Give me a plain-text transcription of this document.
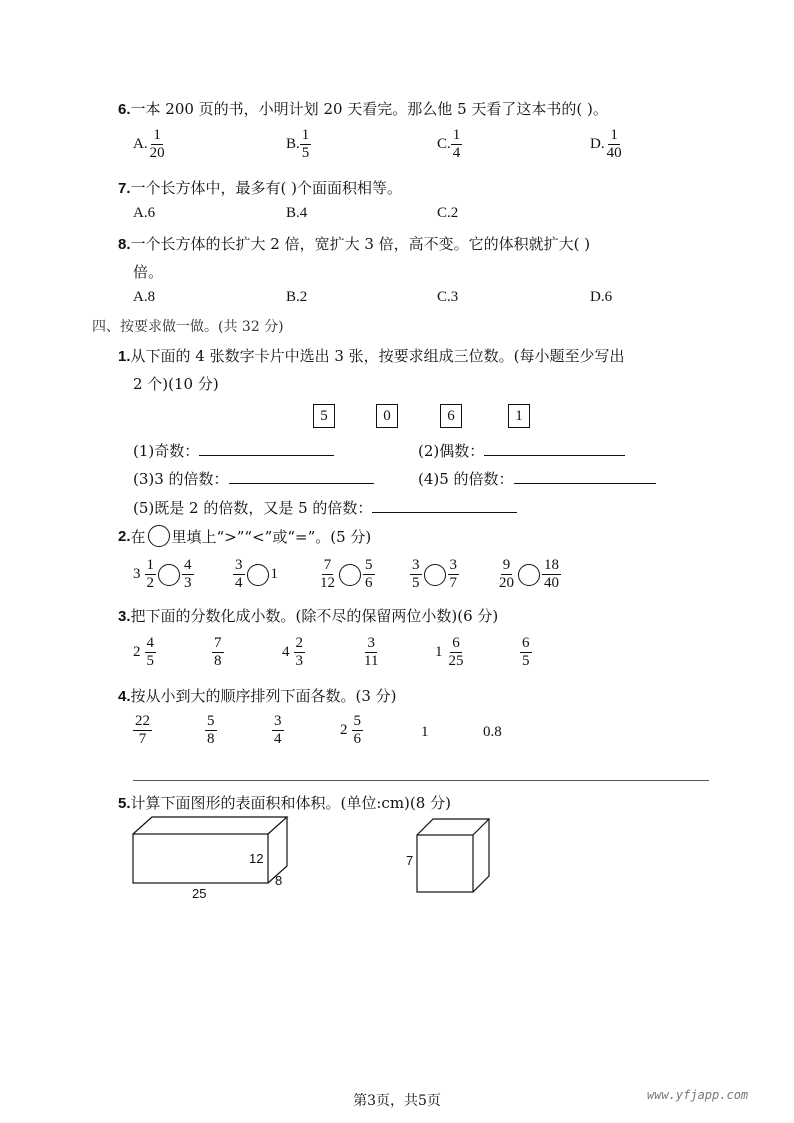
6.一本 200 页的书，小明计划 20 天看完。那么他 5 天看了这本书的( )。
A. $\frac{1}{20}$	B. $\frac{1}{5}$	C. $\frac{1}{4}$	D. $\frac{1}{40}$
7.一个长方体中，最多有( )个面面积相等。
A.6	B.4	C.2
8.一个长方体的长扩大 2 倍，宽扩大 3 倍，高不变。它的体积就扩大( )
倍。
A.8	B.2	C.3	D.6
四、按要求做一做。(共 32 分)
1.从下面的 4 张数字卡片中选出 3 张，按要求组成三位数。(每小题至少写出
2 个)(10 分)
5	0	6	1
(1)奇数：	(2)偶数：
(3)3 的倍数：	(4)5 的倍数：
(5)既是 2 的倍数，又是 5 的倍数：
2. 在 里填上“>”“<”或“=”。(5 分)
$3 \frac{1}{2} \frac{4}{3}$	$\frac{3}{4} 1$	$\frac{7}{12} \frac{5}{6} \frac{3}{5} \frac{3}{7}$	$\frac{9}{20} \frac{18}{40}$
3.把下面的分数化成小数。(除不尽的保留两位小数)(6 分)
$2 \frac{4}{5}$	$\frac{7}{8}$	$4 \frac{2}{3}$	$\frac{3}{11}$	$1 \frac{6}{25}$	$\frac{6}{5}$
4.按从小到大的顺序排列下面各数。(3 分)
$\frac{22}{7}$	$\frac{5}{8}$	$\frac{3}{4}$	$2 \frac{5}{6}$	1	0.8
5.计算下面图形的表面积和体积。(单位:cm)(8 分)
12
8
25
7
第3页，共5页	www.yfjapp.com
